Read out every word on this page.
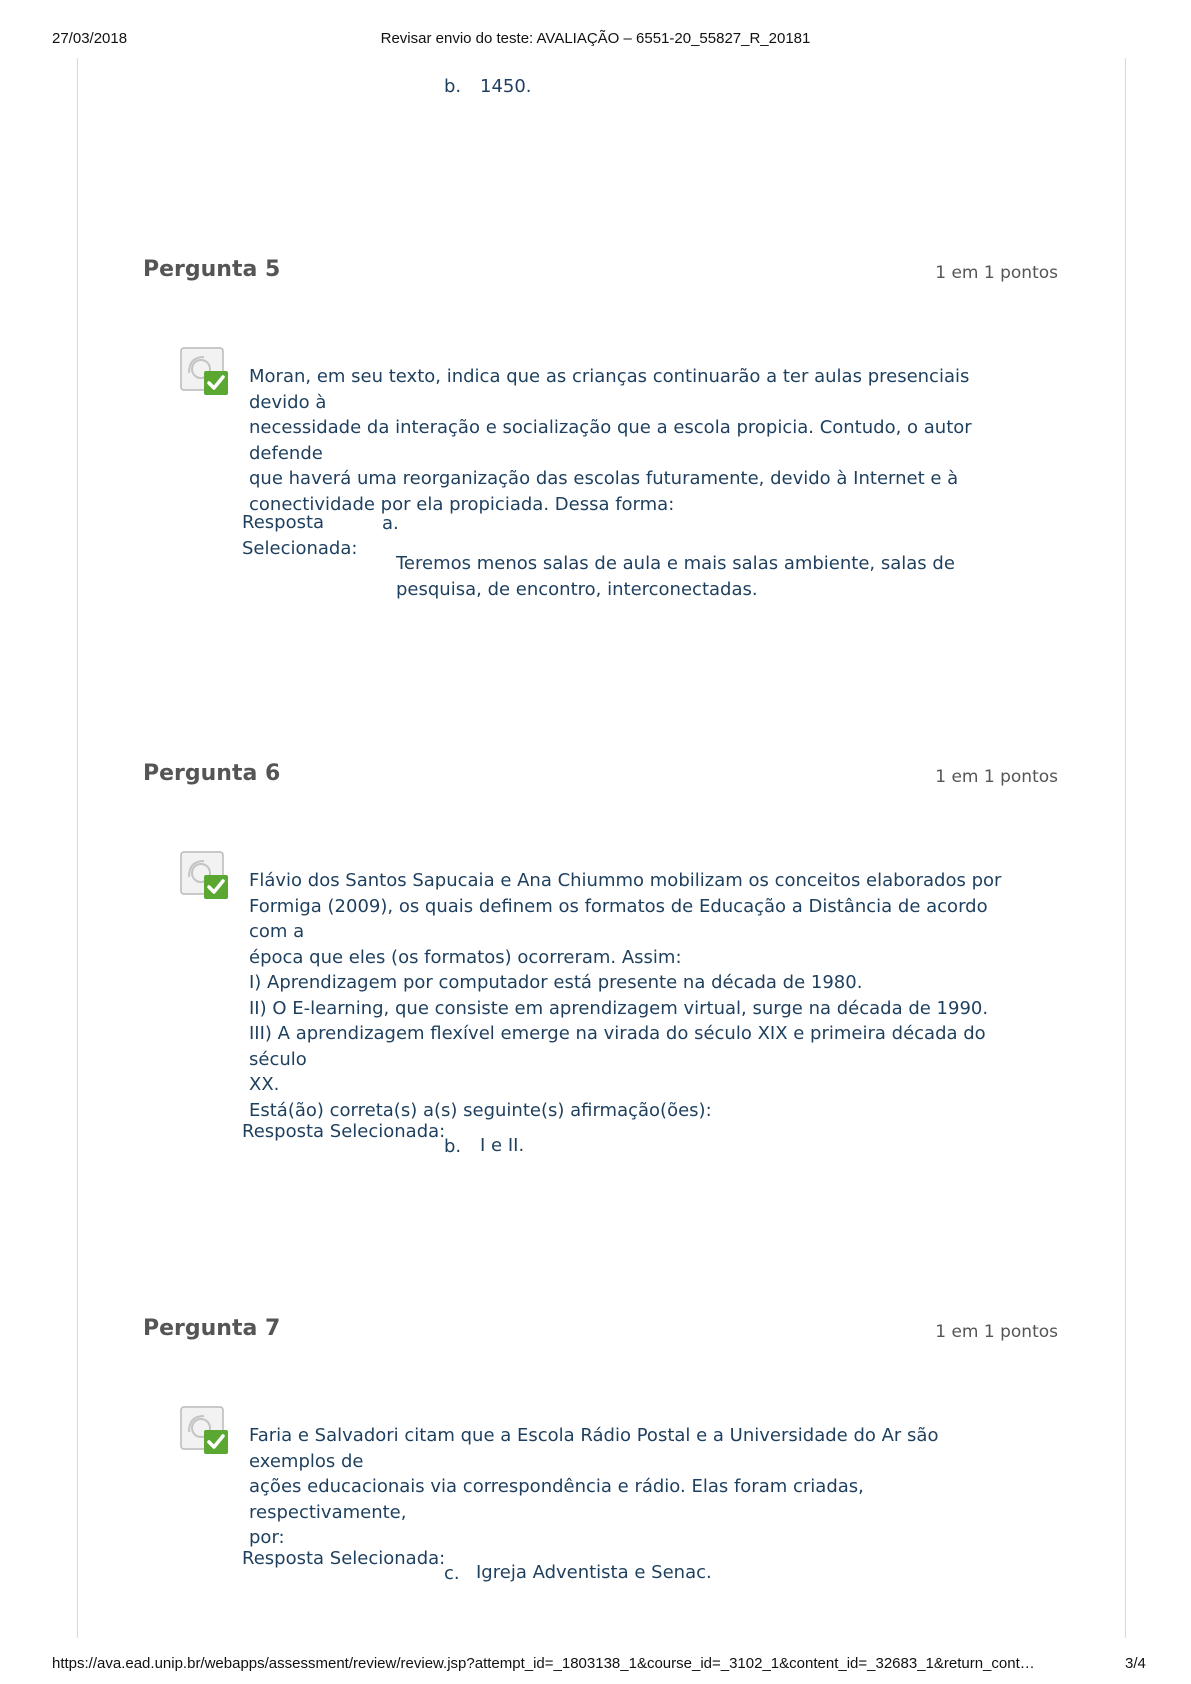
27/03/2018	Revisar envio do teste: AVALIAÇÃO – 6551-20_55827_R_20181
b. 1450.
Pergunta 5	1 em 1 pontos
Moran, em seu texto, indica que as crianças continuarão a ter aulas presenciais devido à
necessidade da interação e socialização que a escola propicia. Contudo, o autor defende
que haverá uma reorganização das escolas futuramente, devido à Internet e à
conectividade por ela propiciada. Dessa forma:
Resposta
Selecionada:
a.
Teremos menos salas de aula e mais salas ambiente, salas de
pesquisa, de encontro, interconectadas.
Pergunta 6	1 em 1 pontos
Flávio dos Santos Sapucaia e Ana Chiummo mobilizam os conceitos elaborados por
Formiga (2009), os quais definem os formatos de Educação a Distância de acordo com a
época que eles (os formatos) ocorreram. Assim:
I) Aprendizagem por computador está presente na década de 1980.
II) O E-learning, que consiste em aprendizagem virtual, surge na década de 1990.
III) A aprendizagem flexível emerge na virada do século XIX e primeira década do século
XX.
Está(ão) correta(s) a(s) seguinte(s) afirmação(ões):
Resposta Selecionada:
b. I e II.
Pergunta 7	1 em 1 pontos
Faria e Salvadori citam que a Escola Rádio Postal e a Universidade do Ar são exemplos de
ações educacionais via correspondência e rádio. Elas foram criadas, respectivamente,
por:
Resposta Selecionada:
c. Igreja Adventista e Senac.
https://ava.ead.unip.br/webapps/assessment/review/review.jsp?attempt_id=_1803138_1&course_id=_3102_1&content_id=_32683_1&return_cont…	3/4
